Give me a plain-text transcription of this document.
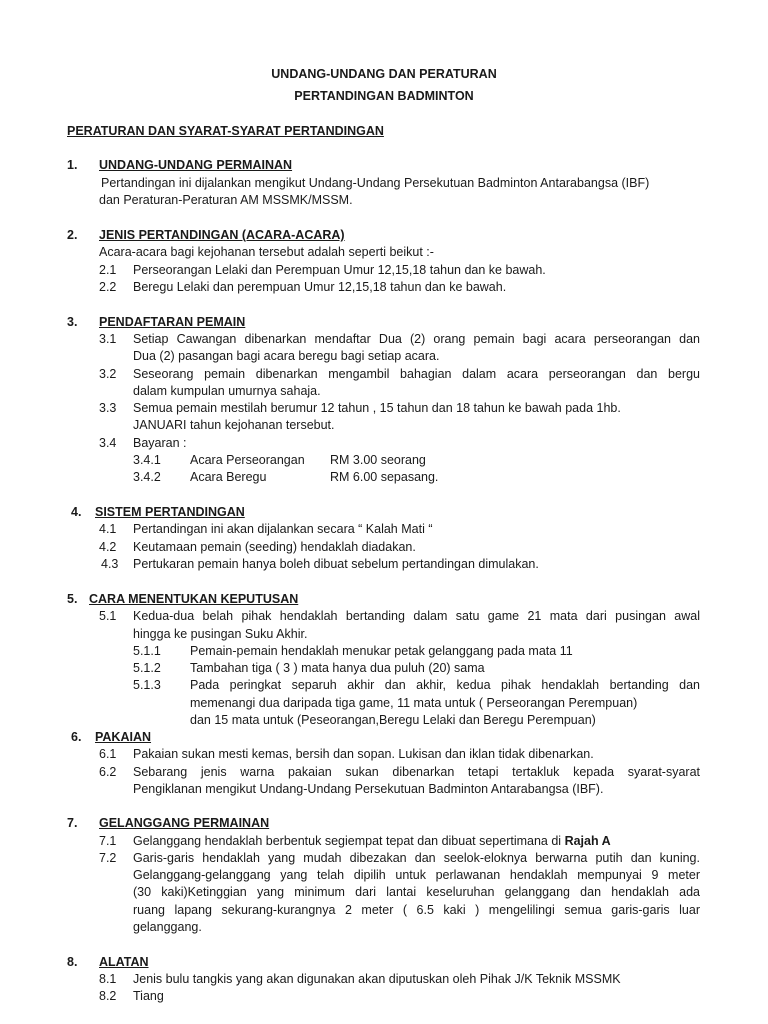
UNDANG-UNDANG DAN PERATURAN
PERTANDINGAN BADMINTON
PERATURAN DAN SYARAT-SYARAT PERTANDINGAN
1. UNDANG-UNDANG PERMAINAN
Pertandingan ini dijalankan mengikut Undang-Undang Persekutuan Badminton Antarabangsa (IBF)
dan Peraturan-Peraturan AM MSSMK/MSSM.
2. JENIS PERTANDINGAN (ACARA-ACARA)
Acara-acara bagi kejohanan tersebut adalah seperti beikut :-
2.1 Perseorangan Lelaki dan Perempuan Umur 12,15,18 tahun dan ke bawah.
2.2 Beregu Lelaki dan perempuan Umur 12,15,18 tahun dan ke bawah.
3. PENDAFTARAN PEMAIN
3.1 Setiap Cawangan dibenarkan mendaftar Dua (2) orang pemain bagi acara perseorangan dan
Dua (2) pasangan bagi acara beregu bagi setiap acara.
3.2 Seseorang pemain dibenarkan mengambil bahagian dalam acara perseorangan dan bergu
dalam kumpulan umurnya sahaja.
3.3 Semua pemain mestilah berumur 12 tahun , 15 tahun dan 18 tahun ke bawah pada 1hb.
JANUARI tahun kejohanan tersebut.
3.4 Bayaran :
3.4.1 Acara Perseorangan RM 3.00 seorang
3.4.2 Acara Beregu	RM 6.00 sepasang.
4. SISTEM PERTANDINGAN
4.1 Pertandingan ini akan dijalankan secara “ Kalah Mati “
4.2 Keutamaan pemain (seeding) hendaklah diadakan.
4.3 Pertukaran pemain hanya boleh dibuat sebelum pertandingan dimulakan.
5. CARA MENENTUKAN KEPUTUSAN
5.1 Kedua-dua belah pihak hendaklah bertanding dalam satu game 21 mata dari pusingan awal
hingga ke pusingan Suku Akhir.
5.1.1 Pemain-pemain hendaklah menukar petak gelanggang pada mata 11
5.1.2 Tambahan tiga ( 3 ) mata hanya dua puluh (20) sama
5.1.3 Pada peringkat separuh akhir dan akhir, kedua pihak hendaklah bertanding dan
memenangi dua daripada tiga game, 11 mata untuk ( Perseorangan Perempuan)
dan 15 mata untuk (Peseorangan,Beregu Lelaki dan Beregu Perempuan)
6. PAKAIAN
6.1 Pakaian sukan mesti kemas, bersih dan sopan. Lukisan dan iklan tidak dibenarkan.
6.2 Sebarang jenis warna pakaian sukan dibenarkan tetapi tertakluk kepada syarat-syarat
Pengiklanan mengikut Undang-Undang Persekutuan Badminton Antarabangsa (IBF).
7. GELANGGANG PERMAINAN
7.1 Gelanggang hendaklah berbentuk segiempat tepat dan dibuat sepertimana di Rajah A
7.2 Garis-garis hendaklah yang mudah dibezakan dan seelok-eloknya berwarna putih dan kuning.
Gelanggang-gelanggang yang telah dipilih untuk perlawanan hendaklah mempunyai 9 meter
(30 kaki)Ketinggian yang minimum dari lantai keseluruhan gelanggang dan hendaklah ada
ruang lapang sekurang-kurangnya 2 meter ( 6.5 kaki ) mengelilingi semua garis-garis luar
gelanggang.
8. ALATAN
8.1 Jenis bulu tangkis yang akan digunakan akan diputuskan oleh Pihak J/K Teknik MSSMK
8.2 Tiang
